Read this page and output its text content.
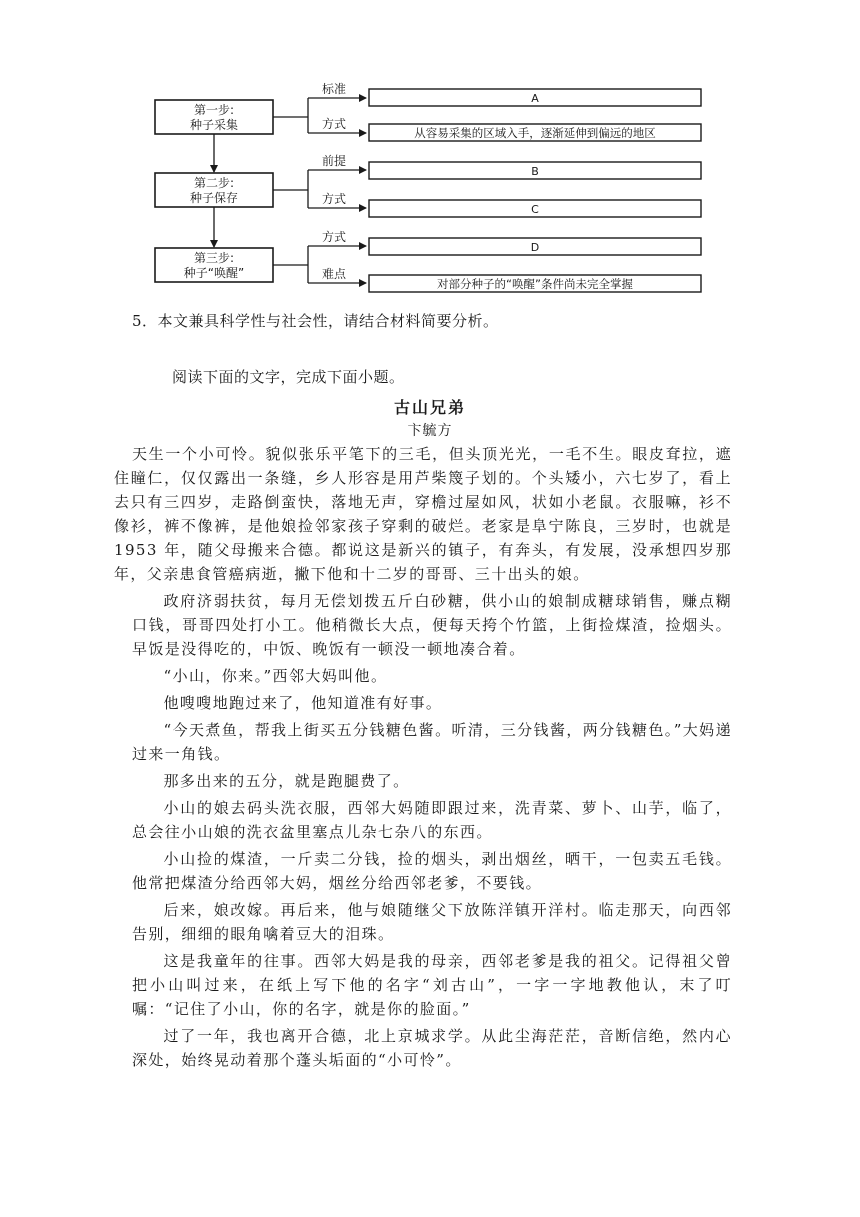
第一步:
种子采集
第二步:
种子保存
第三步:
种子“唤醒”
标准
方式
前提
方式
方式
难点
A
从容易采集的区域入手，逐渐延伸到偏远的地区
B
C
D
对部分种子的“唤醒”条件尚未完全掌握
5．本文兼具科学性与社会性，请结合材料简要分析。
阅读下面的文字，完成下面小题。
古山兄弟
卞毓方

天生一个小可怜。貌似张乐平笔下的三毛，但头顶光光，一毛不生。眼皮耷拉，遮住瞳仁，仅仅露出一条缝，乡人形容是用芦柴篾子划的。个头矮小，六七岁了，看上去只有三四岁，走路倒蛮快，落地无声，穿檐过屋如风，状如小老鼠。衣服嘛，衫不像衫，裤不像裤，是他娘捡邻家孩子穿剩的破烂。老家是阜宁陈良，三岁时，也就是 1953 年，随父母搬来合德。都说这是新兴的镇子，有奔头，有发展，没承想四岁那年，父亲患食管癌病逝，撇下他和十二岁的哥哥、三十出头的娘。

政府济弱扶贫，每月无偿划拨五斤白砂糖，供小山的娘制成糖球销售，赚点糊口钱，哥哥四处打小工。他稍微长大点，便每天挎个竹篮，上街捡煤渣，捡烟头。早饭是没得吃的，中饭、晚饭有一顿没一顿地凑合着。

“小山，你来。”西邻大妈叫他。

他嗖嗖地跑过来了，他知道准有好事。

“今天煮鱼，帮我上街买五分钱糖色酱。听清，三分钱酱，两分钱糖色。”大妈递过来一角钱。

那多出来的五分，就是跑腿费了。

小山的娘去码头洗衣服，西邻大妈随即跟过来，洗青菜、萝卜、山芋，临了，总会往小山娘的洗衣盆里塞点儿杂七杂八的东西。

小山捡的煤渣，一斤卖二分钱，捡的烟头，剥出烟丝，晒干，一包卖五毛钱。他常把煤渣分给西邻大妈，烟丝分给西邻老爹，不要钱。

后来，娘改嫁。再后来，他与娘随继父下放陈洋镇开洋村。临走那天，向西邻告别，细细的眼角噙着豆大的泪珠。

这是我童年的往事。西邻大妈是我的母亲，西邻老爹是我的祖父。记得祖父曾把小山叫过来，在纸上写下他的名字“刘古山”，一字一字地教他认，末了叮嘱：“记住了小山，你的名字，就是你的脸面。”

过了一年，我也离开合德，北上京城求学。从此尘海茫茫，音断信绝，然内心深处，始终晃动着那个蓬头垢面的“小可怜”。
